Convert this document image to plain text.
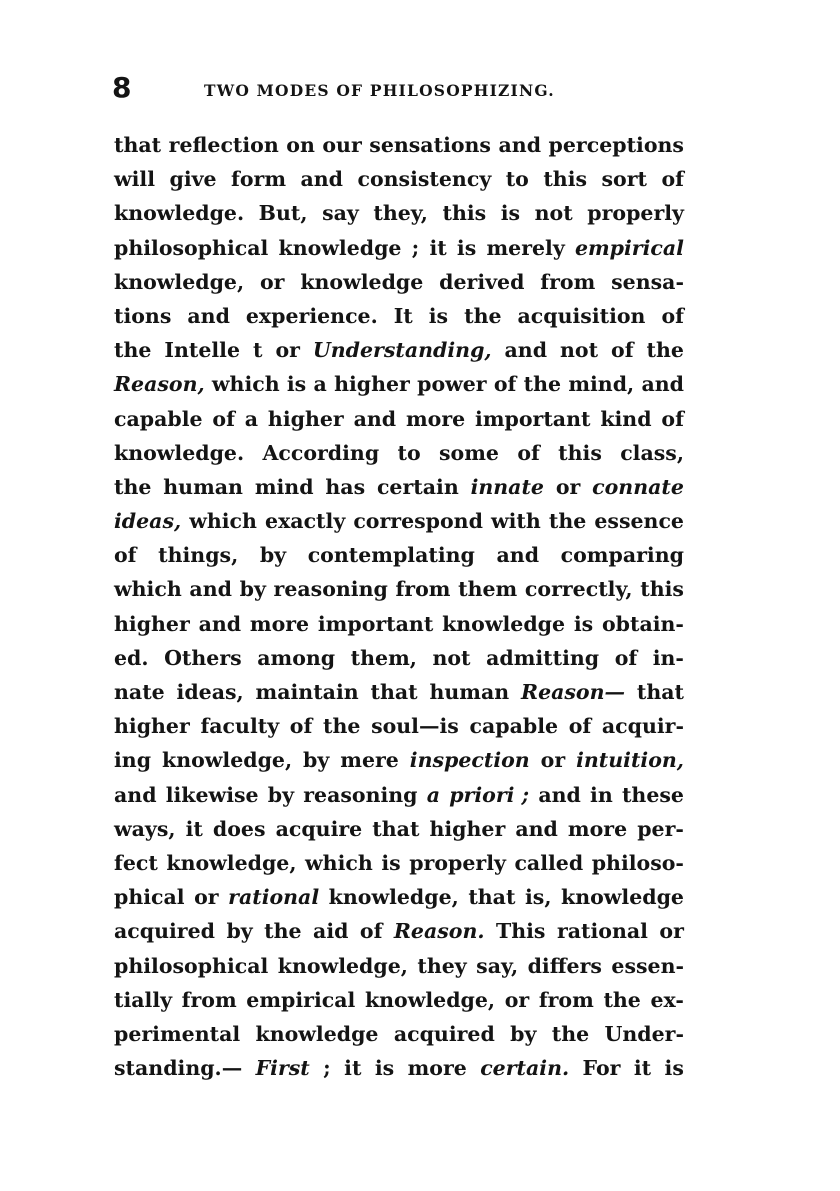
8	TWO MODES OF PHILOSOPHIZING.
that reflection on our sensations and perceptions
will give form and consistency to this sort of
knowledge. But, say they, this is not properly
philosophical knowledge ; it is merely empirical
knowledge, or knowledge derived from sensa-
tions and experience. It is the acquisition of
the Intelle t or Understanding, and not of the
Reason, which is a higher power of the mind, and
capable of a higher and more important kind of
knowledge. According to some of this class,
the human mind has certain innate or connate
ideas, which exactly correspond with the essence
of things, by contemplating and comparing
which and by reasoning from them correctly, this
higher and more important knowledge is obtain-
ed. Others among them, not admitting of in-
nate ideas, maintain that human Reason— that
higher faculty of the soul—is capable of acquir-
ing knowledge, by mere inspection or intuition,
and likewise by reasoning a priori ; and in these
ways, it does acquire that higher and more per-
fect knowledge, which is properly called philoso-
phical or rational knowledge, that is, knowledge
acquired by the aid of Reason. This rational or
philosophical knowledge, they say, differs essen-
tially from empirical knowledge, or from the ex-
perimental knowledge acquired by the Under-
standing.— First ; it is more certain. For it is
